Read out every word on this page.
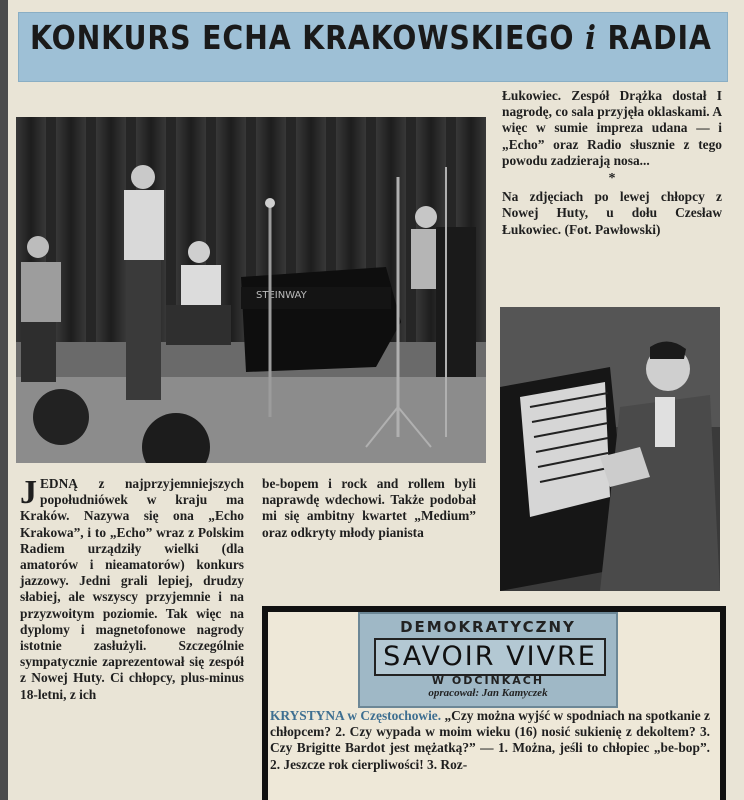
KONKURS ECHA KRAKOWSKIEGO i RADIA
STEINWAY
Łukowiec. Zespół Drążka dostał I nagrodę, co sala przyjęła oklaskami. A więc w sumie impreza udana — i „Echo” oraz Radio słusznie z tego powodu zadzierają nosa...
*
Na zdjęciach po lewej chłopcy z Nowej Huty, u dołu Czesław Łukowiec. (Fot. Pawłowski)
JEDNĄ z najprzyjemniejszych popołudniówek w kraju ma Kraków. Nazywa się ona „Echo Krakowa”, i to „Echo” wraz z Polskim Radiem urządziły wielki (dla amatorów i nieamatorów) konkurs jazzowy. Jedni grali lepiej, drudzy słabiej, ale wszyscy przyjemnie i na przyzwoitym poziomie. Tak więc na dyplomy i magnetofonowe nagrody istotnie zasłużyli. Szczególnie sympatycznie zaprezentował się zespół z Nowej Huty. Ci chłopcy, plus-minus 18-letni, z ich
be-bopem i rock and rollem byli naprawdę wdechowi. Także podobał mi się ambitny kwartet „Medium” oraz odkryty młody pianista
DEMOKRATYCZNY
SAVOIR VIVRE
W ODCINKACH
opracował: Jan Kamyczek
KRYSTYNA w Częstochowie. „Czy można wyjść w spodniach na spotkanie z chłopcem? 2. Czy wypada w moim wieku (16) nosić sukienię z dekoltem? 3. Czy Brigitte Bardot jest mężatką?” — 1. Można, jeśli to chłopiec „be-bop”. 2. Jeszcze rok cierpliwości! 3. Roz-
